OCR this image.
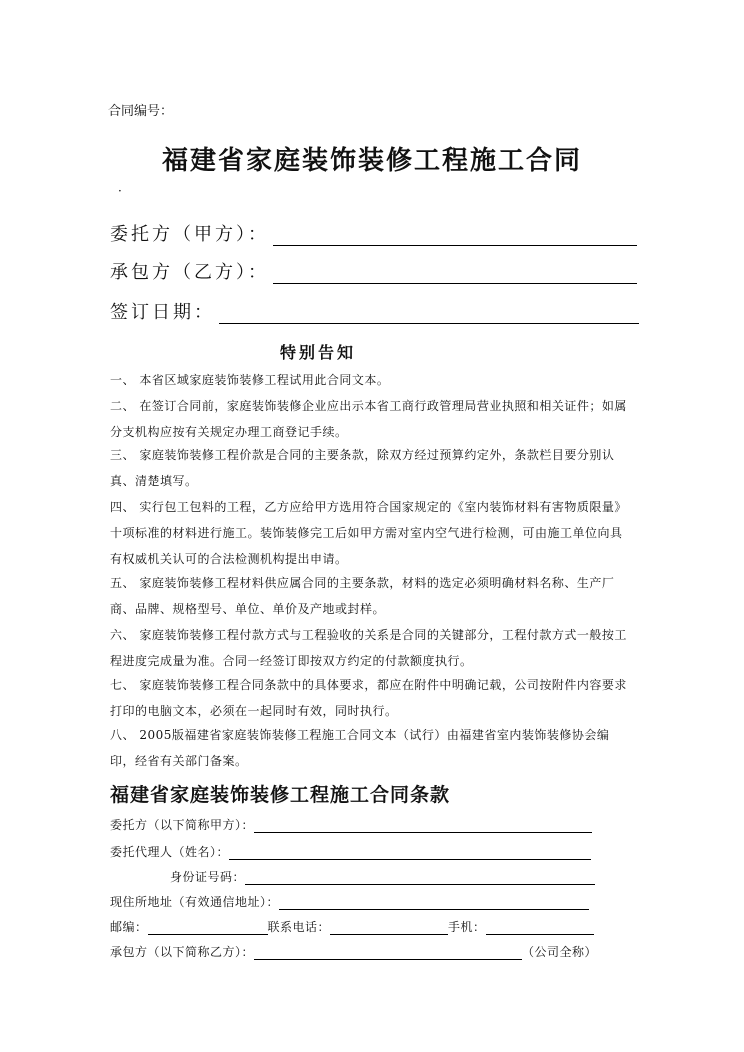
合同编号：
福建省家庭装饰装修工程施工合同
·
委托方（甲方）：
承包方（乙方）：
签订日期：
特别告知
一、 本省区域家庭装饰装修工程试用此合同文本。
二、 在签订合同前，家庭装饰装修企业应出示本省工商行政管理局营业执照和相关证件；如属分支机构应按有关规定办理工商登记手续。
三、 家庭装饰装修工程价款是合同的主要条款，除双方经过预算约定外，条款栏目要分别认真、清楚填写。
四、 实行包工包料的工程，乙方应给甲方选用符合国家规定的《室内装饰材料有害物质限量》十项标准的材料进行施工。装饰装修完工后如甲方需对室内空气进行检测，可由施工单位向具有权威机关认可的合法检测机构提出申请。
五、 家庭装饰装修工程材料供应属合同的主要条款，材料的选定必须明确材料名称、生产厂商、品牌、规格型号、单位、单价及产地或封样。
六、 家庭装饰装修工程付款方式与工程验收的关系是合同的关键部分，工程付款方式一般按工程进度完成量为准。合同一经签订即按双方约定的付款额度执行。
七、 家庭装饰装修工程合同条款中的具体要求，都应在附件中明确记载，公司按附件内容要求打印的电脑文本，必须在一起同时有效，同时执行。
八、 2005版福建省家庭装饰装修工程施工合同文本（试行）由福建省室内装饰装修协会编印，经省有关部门备案。
福建省家庭装饰装修工程施工合同条款
委托方（以下简称甲方）：
委托代理人（姓名）：
身份证号码：
现住所地址（有效通信地址）：
邮编：	联系电话：	手机：
承包方（以下简称乙方）：	（公司全称）
